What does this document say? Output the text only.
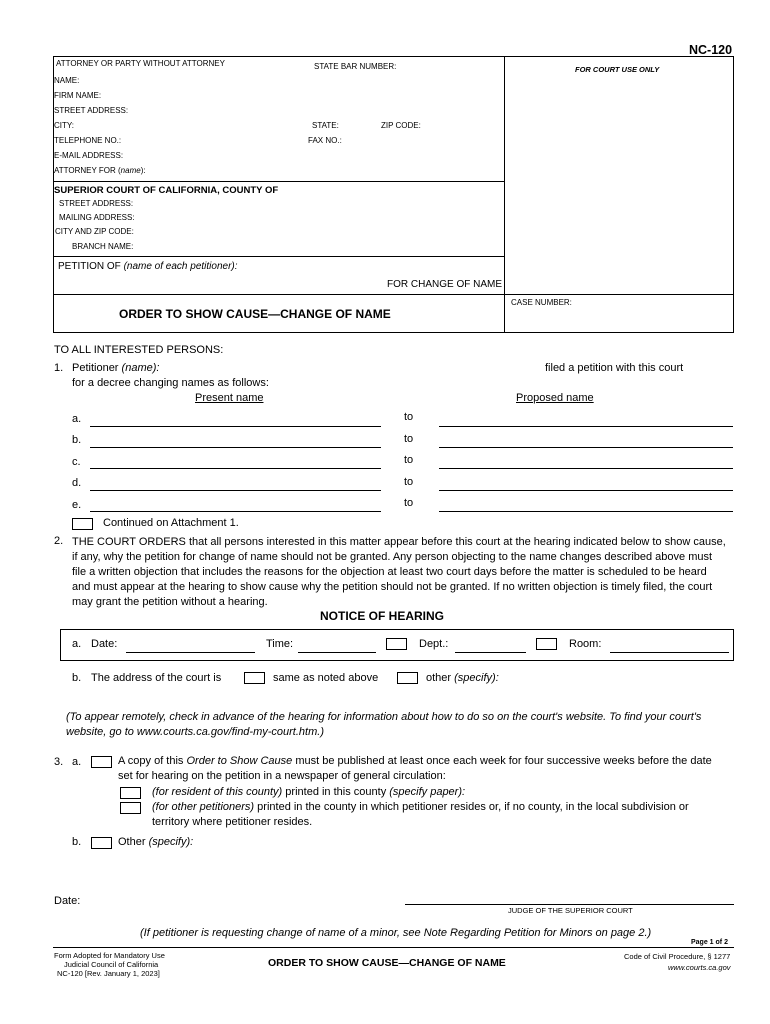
NC-120
ATTORNEY OR PARTY WITHOUT ATTORNEY	STATE BAR NUMBER:	FOR COURT USE ONLY
NAME:
FIRM NAME:
STREET ADDRESS:
CITY:	STATE:	ZIP CODE:
TELEPHONE NO.:	FAX NO.:
E-MAIL ADDRESS:
ATTORNEY FOR (name):
SUPERIOR COURT OF CALIFORNIA, COUNTY OF
STREET ADDRESS:
MAILING ADDRESS:
CITY AND ZIP CODE:
BRANCH NAME:
PETITION OF (name of each petitioner):
FOR CHANGE OF NAME
CASE NUMBER:
ORDER TO SHOW CAUSE—CHANGE OF NAME
TO ALL INTERESTED PERSONS:
1. Petitioner (name):	filed a petition with this court
for a decree changing names as follows:
Present name	Proposed name
a.	to
b.	to
c.	to
d.	to
e.	to
Continued on Attachment 1.
2. THE COURT ORDERS that all persons interested in this matter appear before this court at the hearing indicated below to show cause, if any, why the petition for change of name should not be granted. Any person objecting to the name changes described above must file a written objection that includes the reasons for the objection at least two court days before the matter is scheduled to be heard and must appear at the hearing to show cause why the petition should not be granted. If no written objection is timely filed, the court may grant the petition without a hearing.
NOTICE OF HEARING
a. Date:	Time:	Dept.:	Room:
b. The address of the court is	same as noted above	other (specify):
(To appear remotely, check in advance of the hearing for information about how to do so on the court's website. To find your court's website, go to www.courts.ca.gov/find-my-court.htm.)
3. a.	A copy of this Order to Show Cause must be published at least once each week for four successive weeks before the date
set for hearing on the petition in a newspaper of general circulation:
(for resident of this county) printed in this county (specify paper):
(for other petitioners) printed in the county in which petitioner resides or, if no county, in the local subdivision or
territory where petitioner resides.
b.	Other (specify):
Date:
JUDGE OF THE SUPERIOR COURT
(If petitioner is requesting change of name of a minor, see Note Regarding Petition for Minors on page 2.)
Page 1 of 2
Form Adopted for Mandatory Use
Judicial Council of California
NC-120 [Rev. January 1, 2023]
ORDER TO SHOW CAUSE—CHANGE OF NAME
Code of Civil Procedure, § 1277
www.courts.ca.gov
